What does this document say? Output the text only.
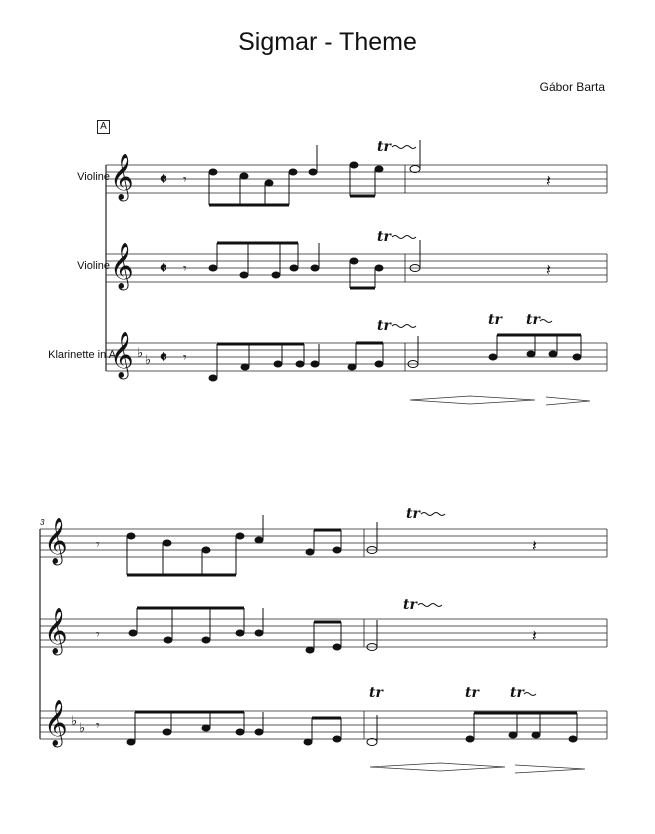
Sigmar - Theme
Gábor Barta
A
Violine
Violine
Klarinette in A
3
𝄞
𝄞
𝄞
𝄞
𝄞
𝄞
♭ ♭
♭ ♭
𝄵
𝄵
𝄵
tr
tr
tr	tr tr
tr
tr
tr	tr tr
𝄾
𝄾
𝄾
𝄽
𝄽
𝄾
𝄾
𝄾
𝄽
𝄽
